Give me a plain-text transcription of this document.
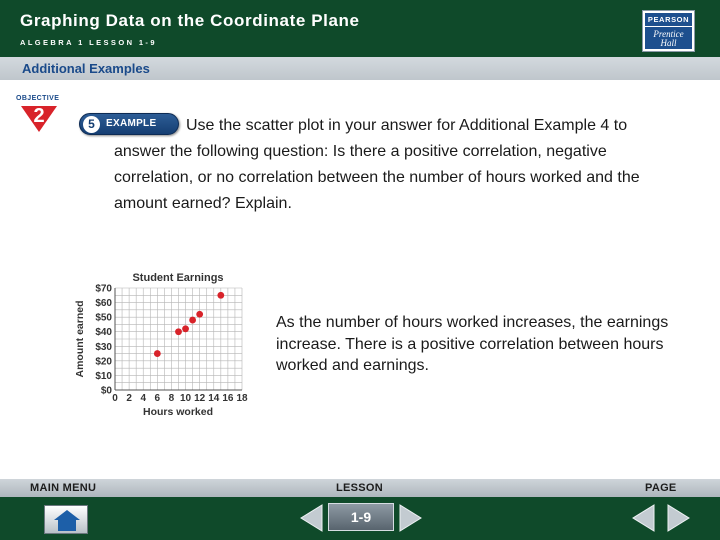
Graphing Data on the Coordinate Plane
ALGEBRA 1 LESSON 1-9
PEARSON
Prentice
Hall
Additional Examples
OBJECTIVE
2	5	EXAMPLE	Use the scatter plot in your answer for Additional Example 4 to answer the following question: Is there a positive correlation, negative correlation, or no correlation between the number of hours worked and the amount earned? Explain.
Student Earnings
Amount earned
Hours worked
0 2 4 6 8 10 12 14 16 18
$0
$10
$20
$30
$40
$50
$60
$70
As the number of hours worked increases, the earnings increase. There is a positive correlation between hours worked and earnings.
MAIN MENU	LESSON	PAGE
1-9
